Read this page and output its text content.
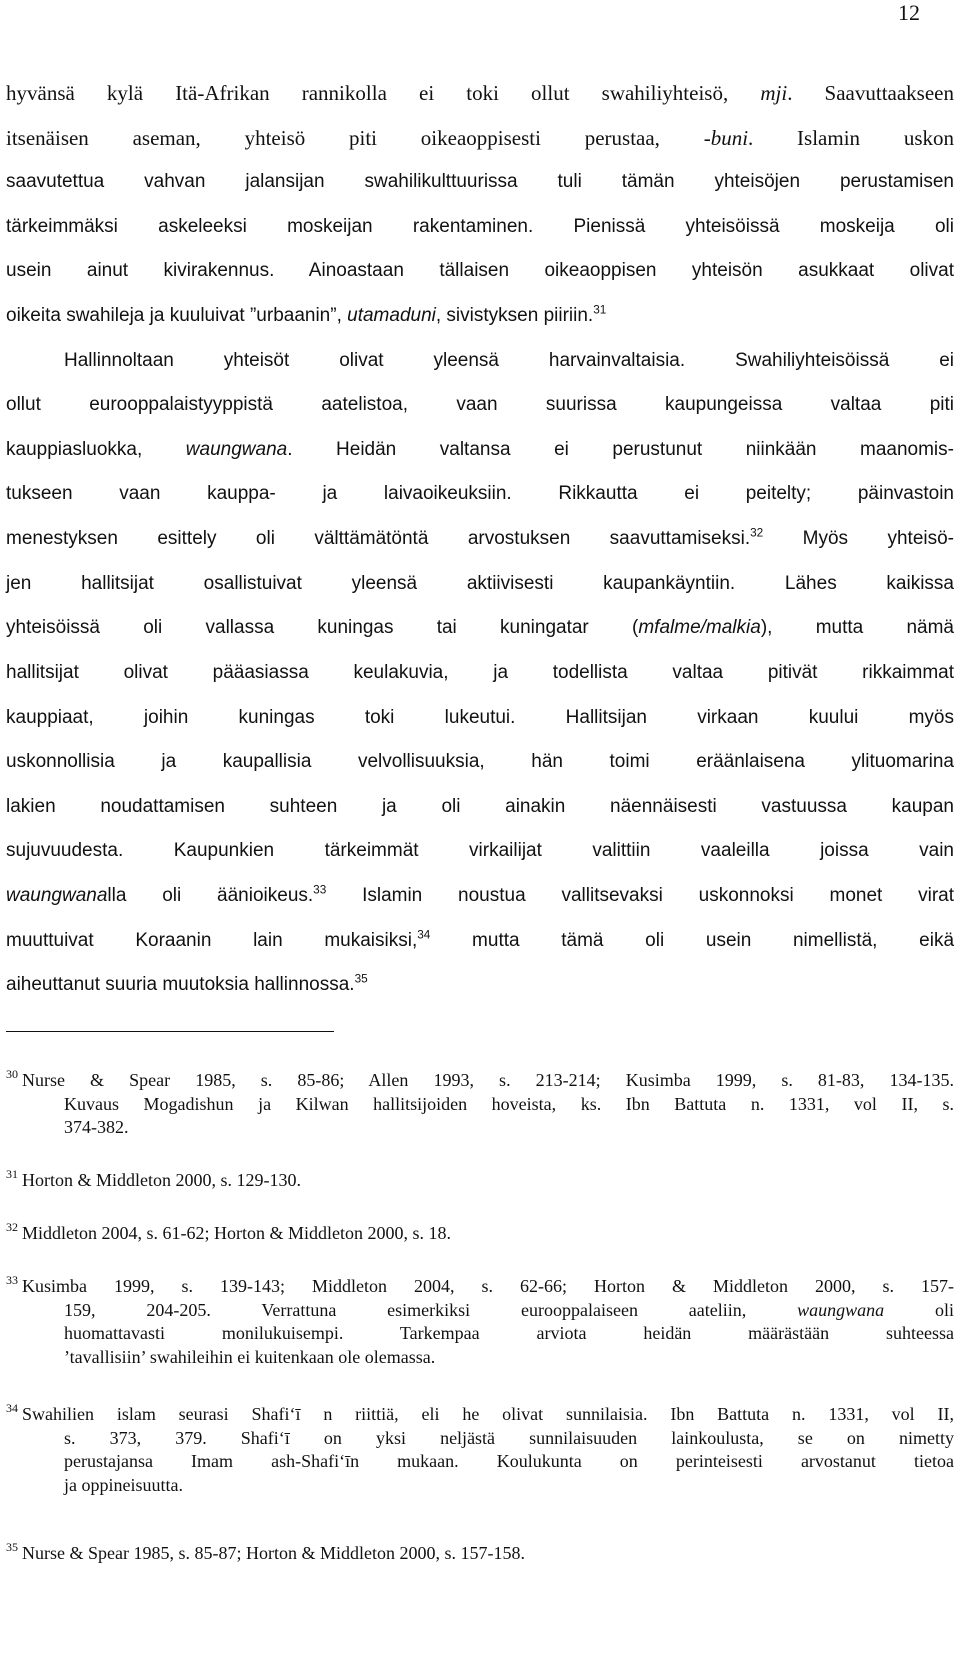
12
hyvänsä kylä Itä-Afrikan rannikolla ei toki ollut swahiliyhteisö, mji. Saavuttaakseen
itsenäisen aseman, yhteisö piti oikeaoppisesti perustaa, -buni. Islamin uskon
saavutettua vahvan jalansijan swahilikulttuurissa tuli tämän yhteisöjen perustamisen
tärkeimmäksi askeleeksi moskeijan rakentaminen. Pienissä yhteisöissä moskeija oli
usein ainut kivirakennus. Ainoastaan tällaisen oikeaoppisen yhteisön asukkaat olivat
oikeita swahileja ja kuuluivat ”urbaanin”, utamaduni, sivistyksen piiriin.$^{31}$
Hallinnoltaan yhteisöt olivat yleensä harvainvaltaisia. Swahiliyhteisöissä ei
ollut eurooppalaistyyppistä aatelistoa, vaan suurissa kaupungeissa valtaa piti
kauppiasluokka, waungwana. Heidän valtansa ei perustunut niinkään maanomis-
tukseen vaan kauppa- ja laivaoikeuksiin. Rikkautta ei peitelty; päinvastoin
menestyksen esittely oli välttämätöntä arvostuksen saavuttamiseksi.$^{32}$ Myös yhteisö-
jen hallitsijat osallistuivat yleensä aktiivisesti kaupankäyntiin. Lähes kaikissa
yhteisöissä oli vallassa kuningas tai kuningatar (mfalme/malkia), mutta nämä
hallitsijat olivat pääasiassa keulakuvia, ja todellista valtaa pitivät rikkaimmat
kauppiaat, joihin kuningas toki lukeutui. Hallitsijan virkaan kuului myös
uskonnollisia ja kaupallisia velvollisuuksia, hän toimi eräänlaisena ylituomarina
lakien noudattamisen suhteen ja oli ainakin näennäisesti vastuussa kaupan
sujuvuudesta. Kaupunkien tärkeimmät virkailijat valittiin vaaleilla joissa vain
waungwanalla oli äänioikeus.$^{33}$ Islamin noustua vallitsevaksi uskonnoksi monet virat
muuttuivat Koraanin lain mukaisiksi,$^{34}$ mutta tämä oli usein nimellistä, eikä
aiheuttanut suuria muutoksia hallinnossa.$^{35}$
$^{30}$ Nurse & Spear 1985, s. 85-86; Allen 1993, s. 213-214; Kusimba 1999, s. 81-83, 134-135.
Kuvaus Mogadishun ja Kilwan hallitsijoiden hoveista, ks. Ibn Battuta n. 1331, vol II, s.
374-382.
$^{31}$ Horton & Middleton 2000, s. 129-130.
$^{32}$ Middleton 2004, s. 61-62; Horton & Middleton 2000, s. 18.
$^{33}$ Kusimba 1999, s. 139-143; Middleton 2004, s. 62-66; Horton & Middleton 2000, s. 157-
159, 204-205. Verrattuna esimerkiksi eurooppalaiseen aateliin, waungwana oli
huomattavasti monilukuisempi. Tarkempaa arviota heidän määrästään suhteessa
’tavallisiin’ swahileihin ei kuitenkaan ole olemassa.
$^{34}$ Swahilien islam seurasi Shafi‘ī n riittiä, eli he olivat sunnilaisia. Ibn Battuta n. 1331, vol II,
s. 373, 379. Shafi‘ī on yksi neljästä sunnilaisuuden lainkoulusta, se on nimetty
perustajansa Imam ash-Shafi‘īn mukaan. Koulukunta on perinteisesti arvostanut tietoa
ja oppineisuutta.
$^{35}$ Nurse & Spear 1985, s. 85-87; Horton & Middleton 2000, s. 157-158.
